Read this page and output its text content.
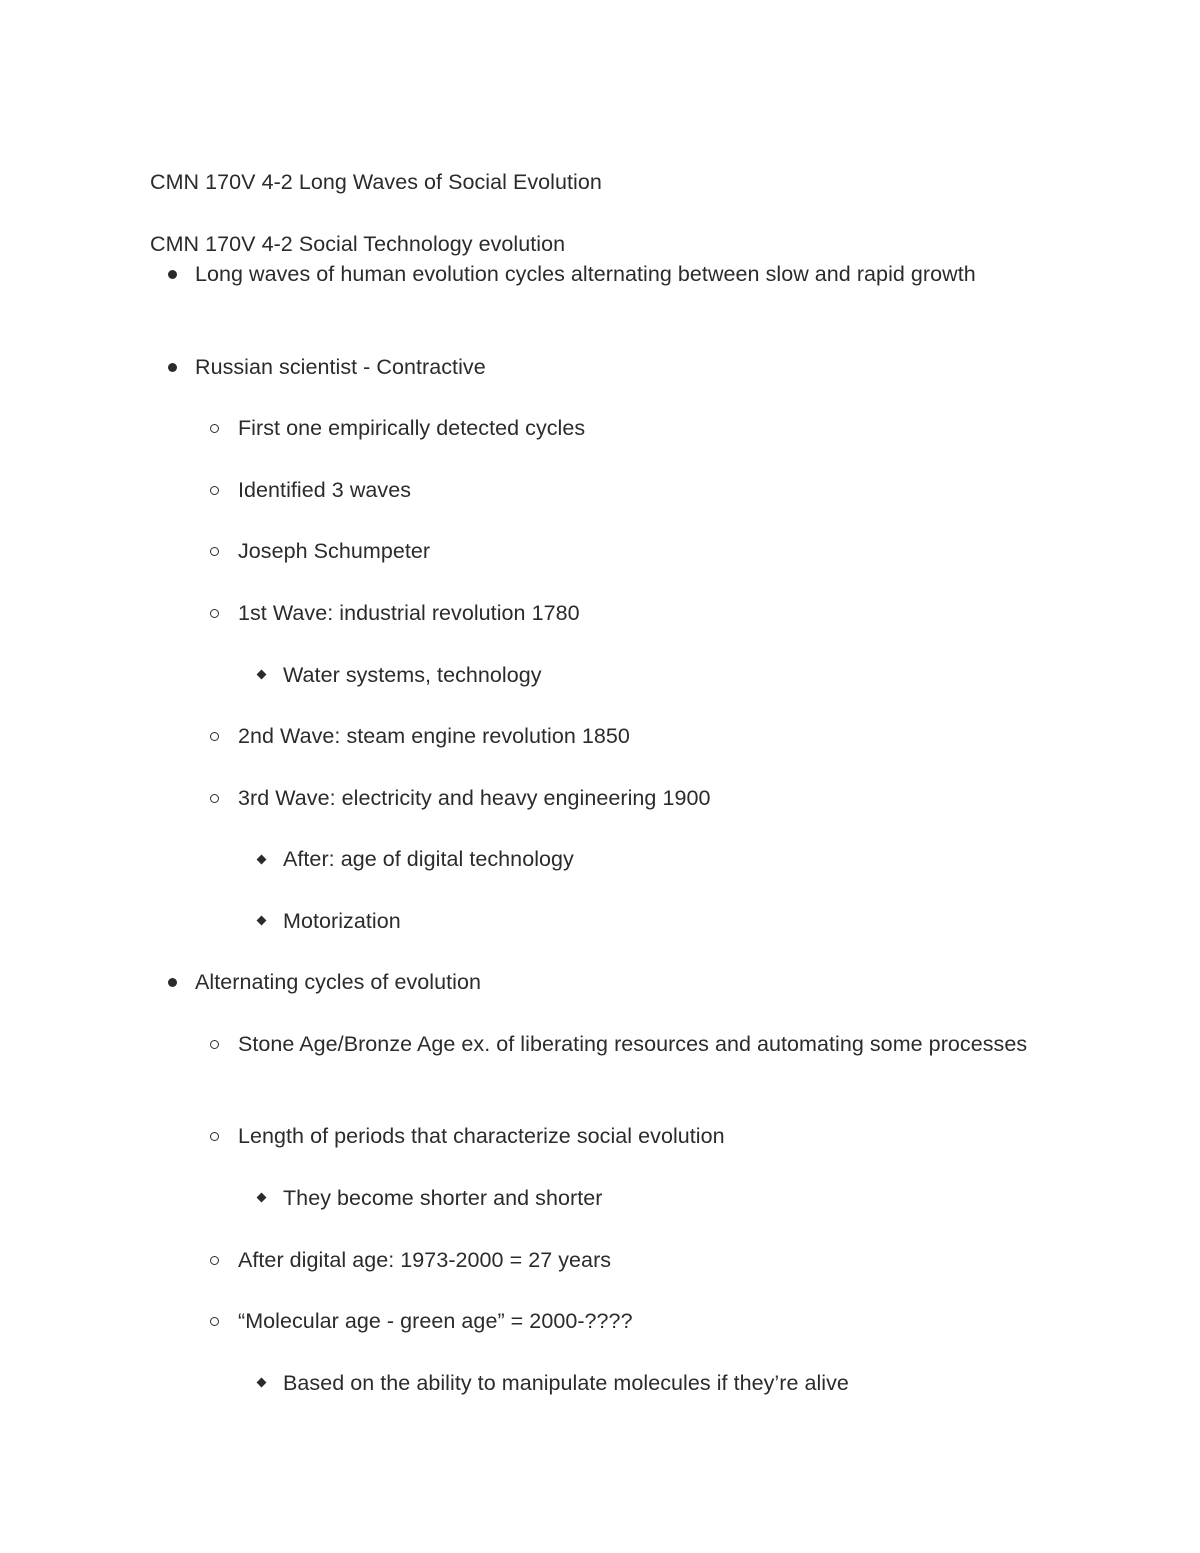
CMN 170V 4-2 Long Waves of Social Evolution
CMN 170V 4-2 Social Technology evolution
Long waves of human evolution cycles alternating between slow and rapid growth
Russian scientist - Contractive
First one empirically detected cycles
Identified 3 waves
Joseph Schumpeter
1st Wave: industrial revolution 1780
Water systems, technology
2nd Wave: steam engine revolution 1850
3rd Wave: electricity and heavy engineering 1900
After: age of digital technology
Motorization
Alternating cycles of evolution
Stone Age/Bronze Age ex. of liberating resources and automating some processes
Length of periods that characterize social evolution
They become shorter and shorter
After digital age: 1973-2000 = 27 years
“Molecular age - green age” = 2000-????
Based on the ability to manipulate molecules if they’re alive
